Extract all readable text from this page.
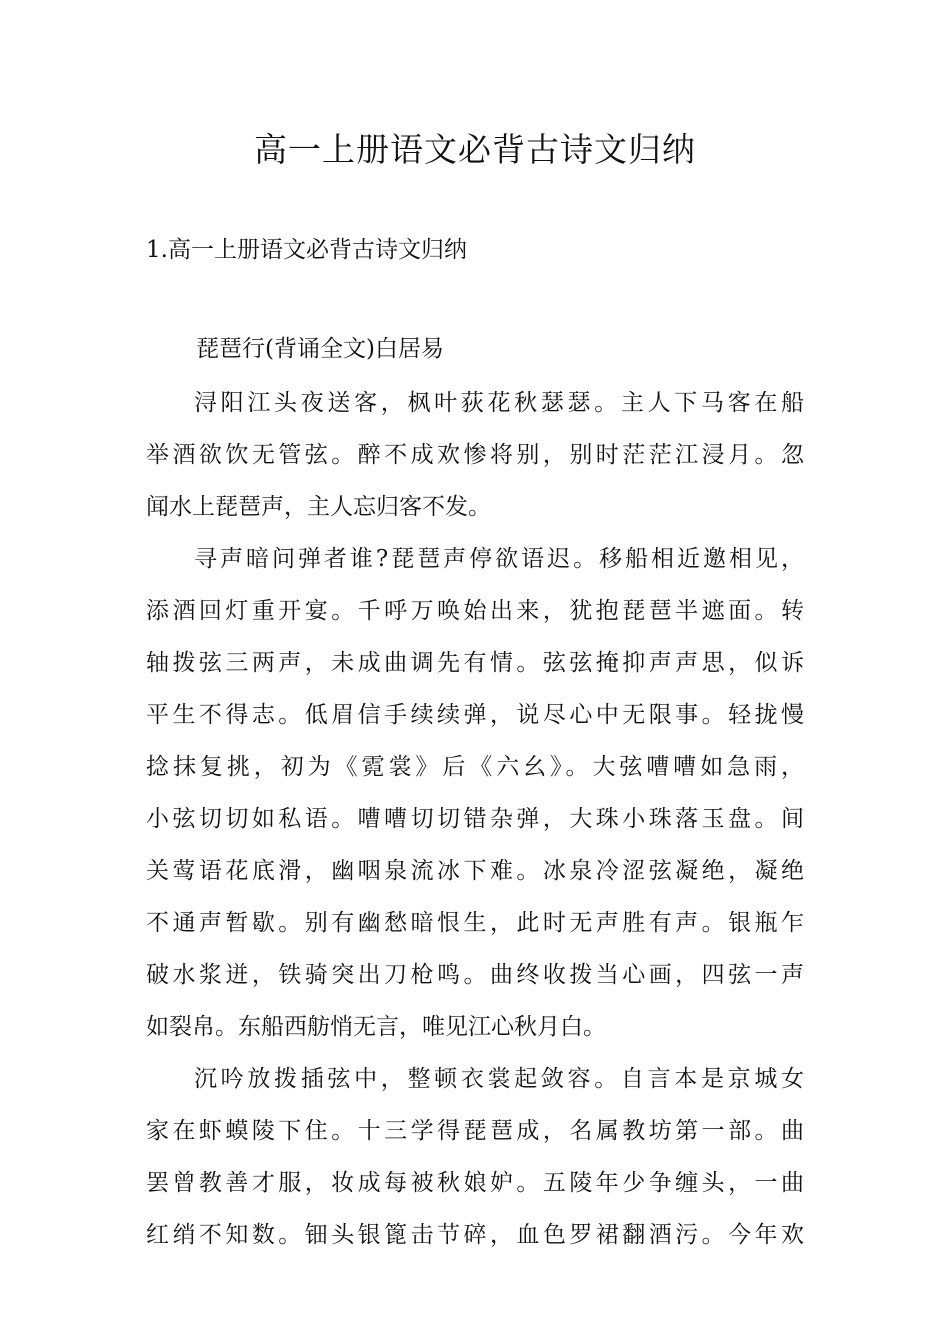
高一上册语文必背古诗文归纳
1.高一上册语文必背古诗文归纳
琵琶行(背诵全文)白居易
浔阳江头夜送客，枫叶荻花秋瑟瑟。主人下马客在船
举酒欲饮无管弦。醉不成欢惨将别，别时茫茫江浸月。忽
闻水上琵琶声，主人忘归客不发。
寻声暗问弹者谁?琵琶声停欲语迟。移船相近邀相见，
添酒回灯重开宴。千呼万唤始出来，犹抱琵琶半遮面。转
轴拨弦三两声，未成曲调先有情。弦弦掩抑声声思，似诉
平生不得志。低眉信手续续弹，说尽心中无限事。轻拢慢
捻抹复挑，初为《霓裳》后《六幺》。大弦嘈嘈如急雨，
小弦切切如私语。嘈嘈切切错杂弹，大珠小珠落玉盘。间
关莺语花底滑，幽咽泉流冰下难。冰泉冷涩弦凝绝，凝绝
不通声暂歇。别有幽愁暗恨生，此时无声胜有声。银瓶乍
破水浆迸，铁骑突出刀枪鸣。曲终收拨当心画，四弦一声
如裂帛。东船西舫悄无言，唯见江心秋月白。
沉吟放拨插弦中，整顿衣裳起敛容。自言本是京城女
家在虾蟆陵下住。十三学得琵琶成，名属教坊第一部。曲
罢曾教善才服，妆成每被秋娘妒。五陵年少争缠头，一曲
红绡不知数。钿头银篦击节碎，血色罗裙翻酒污。今年欢
